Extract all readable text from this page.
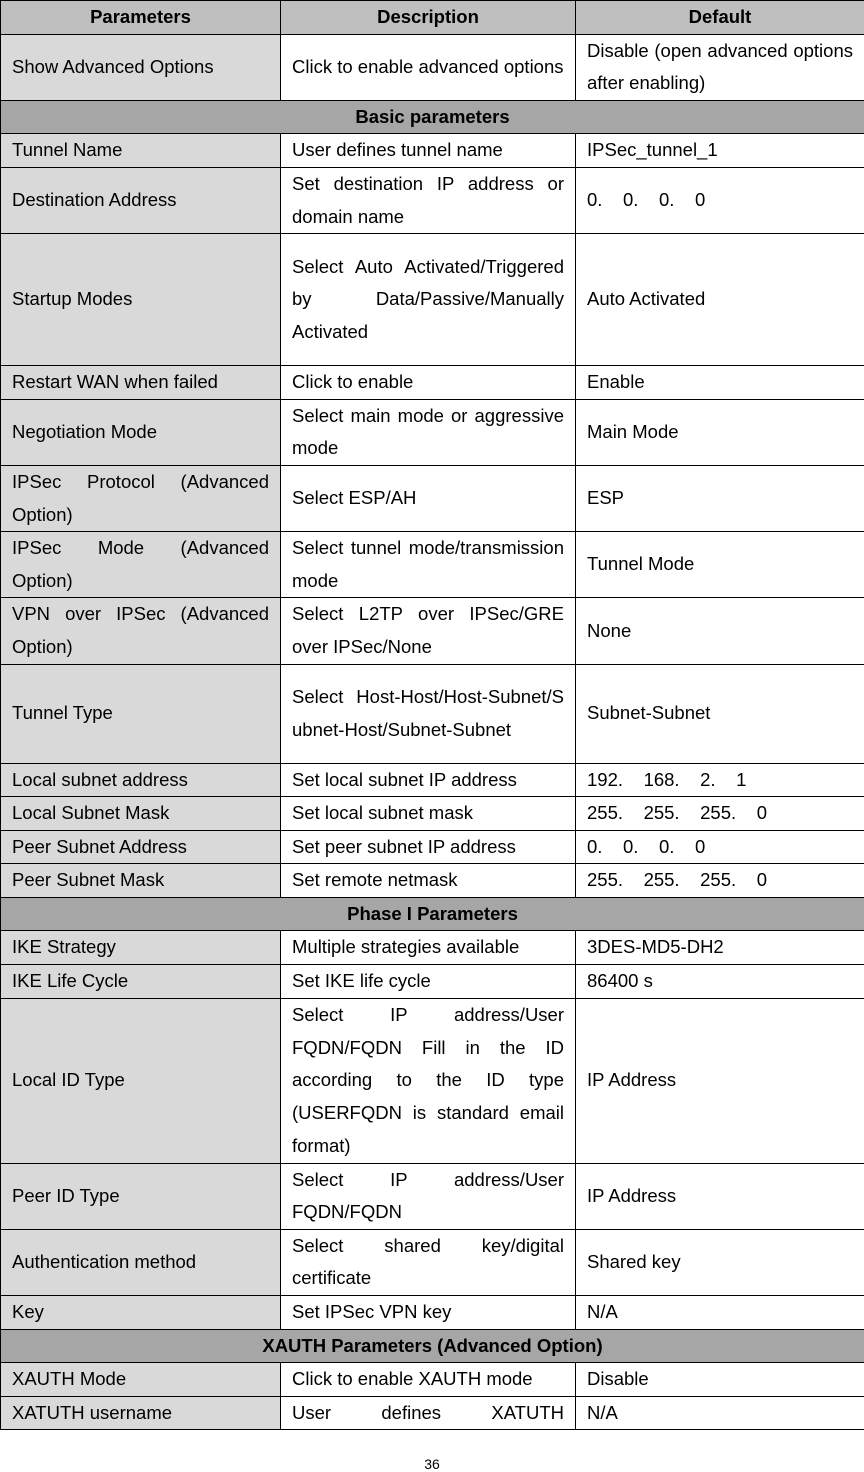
Parameters	Description	Default
Show Advanced Options	Click to enable advanced options	Disable (open advanced options after enabling)
Basic parameters		
Tunnel Name	User defines tunnel name	IPSec_tunnel_1
Destination Address	Set destination IP address or domain name	0.    0.    0.    0
Startup Modes	Select Auto Activated/Triggered by Data/Passive/Manually Activated	Auto Activated
Restart WAN when failed	Click to enable	Enable
Negotiation Mode	Select main mode or aggressive mode	Main Mode
IPSec Protocol (Advanced Option)	Select ESP/AH	ESP
IPSec Mode (Advanced Option)	Select tunnel mode/transmission mode	Tunnel Mode
VPN over IPSec (Advanced Option)	Select L2TP over IPSec/GRE over IPSec/None	None
Tunnel Type	Select Host-Host/Host-Subnet/Subnet-Host/Subnet-Subnet	Subnet-Subnet
Local subnet address	Set local subnet IP address	192.    168.    2.    1
Local Subnet Mask	Set local subnet mask	255.    255.    255.    0
Peer Subnet Address	Set peer subnet IP address	0.    0.    0.    0
Peer Subnet Mask	Set remote netmask	255.    255.    255.    0
Phase I Parameters		
IKE Strategy	Multiple strategies available	3DES-MD5-DH2
IKE Life Cycle	Set IKE life cycle	86400 s
Local ID Type	Select IP address/User FQDN/FQDN Fill in the ID according to the ID type (USERFQDN is standard email format)	IP Address
Peer ID Type	Select IP address/User FQDN/FQDN	IP Address
Authentication method	Select shared key/digital certificate	Shared key
Key	Set IPSec VPN key	N/A
XAUTH Parameters (Advanced Option)		
XAUTH Mode	Click to enable XAUTH mode	Disable
XATUTH username	User defines XATUTH	N/A
36
